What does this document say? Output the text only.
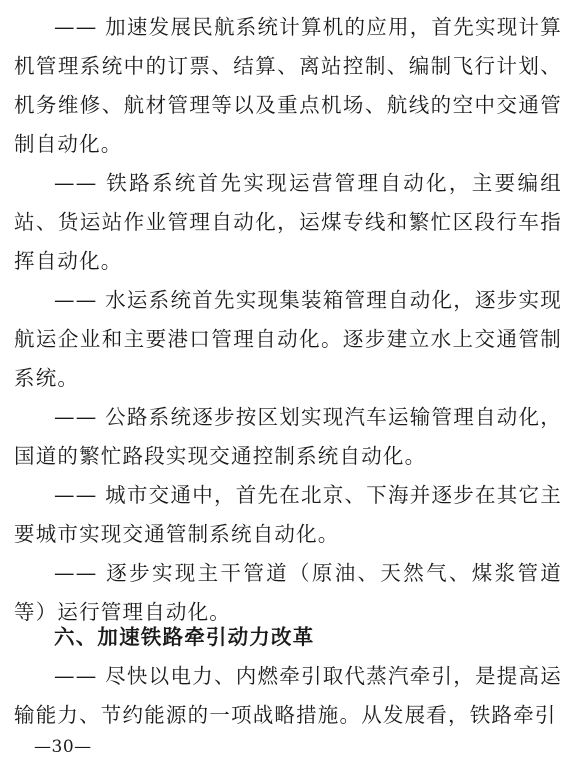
—— 加速发展民航系统计算机的应用，首先实现计算机管理系统中的订票、结算、离站控制、编制飞行计划、机务维修、航材管理等以及重点机场、航线的空中交通管制自动化。

—— 铁路系统首先实现运营管理自动化，主要编组站、货运站作业管理自动化，运煤专线和繁忙区段行车指挥自动化。

—— 水运系统首先实现集装箱管理自动化，逐步实现航运企业和主要港口管理自动化。逐步建立水上交通管制系统。

—— 公路系统逐步按区划实现汽车运输管理自动化，国道的繁忙路段实现交通控制系统自动化。

—— 城市交通中，首先在北京、下海并逐步在其它主要城市实现交通管制系统自动化。

—— 逐步实现主干管道（原油、天然气、煤浆管道等）运行管理自动化。

六、加速铁路牵引动力改革

—— 尽快以电力、内燃牵引取代蒸汽牵引，是提高运输能力、节约能源的一项战略措施。从发展看，铁路牵引

—30—
